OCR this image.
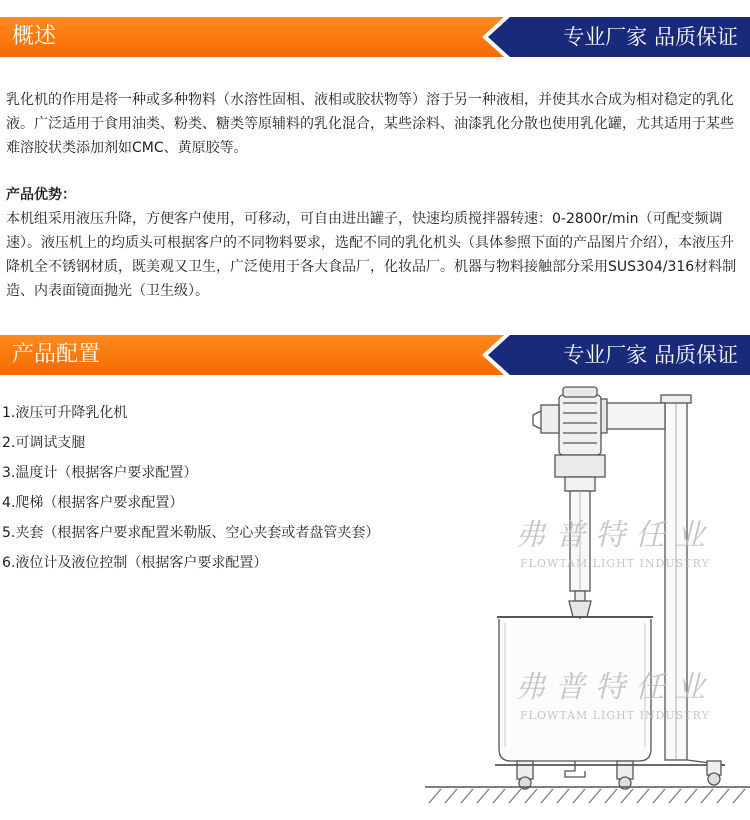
概述	专业厂家 品质保证
乳化机的作用是将一种或多种物料（水溶性固相、液相或胶状物等）溶于另一种液相，并使其水合成为相对稳定的乳化液。广泛适用于食用油类、粉类、糖类等原辅料的乳化混合，某些涂料、油漆乳化分散也使用乳化罐，尤其适用于某些难溶胶状类添加剂如CMC、黄原胶等。
产品优势：
本机组采用液压升降，方便客户使用，可移动，可自由进出罐子，快速均质搅拌器转速：0-2800r/min（可配变频调速）。液压机上的均质头可根据客户的不同物料要求，选配不同的乳化机头（具体参照下面的产品图片介绍），本液压升降机全不锈钢材质，既美观又卫生，广泛使用于各大食品厂，化妆品厂。机器与物料接触部分采用SUS304/316材料制造、内表面镜面抛光（卫生级）。
产品配置	专业厂家 品质保证
1.液压可升降乳化机
2.可调试支腿
3.温度计（根据客户要求配置）
4.爬梯（根据客户要求配置）
5.夹套（根据客户要求配置米勒版、空心夹套或者盘管夹套）
6.液位计及液位控制（根据客户要求配置）
弗普特任业
FLOWTAM LIGHT INDUSTRY
弗普特任业
FLOWTAM LIGHT INDUSTRY
